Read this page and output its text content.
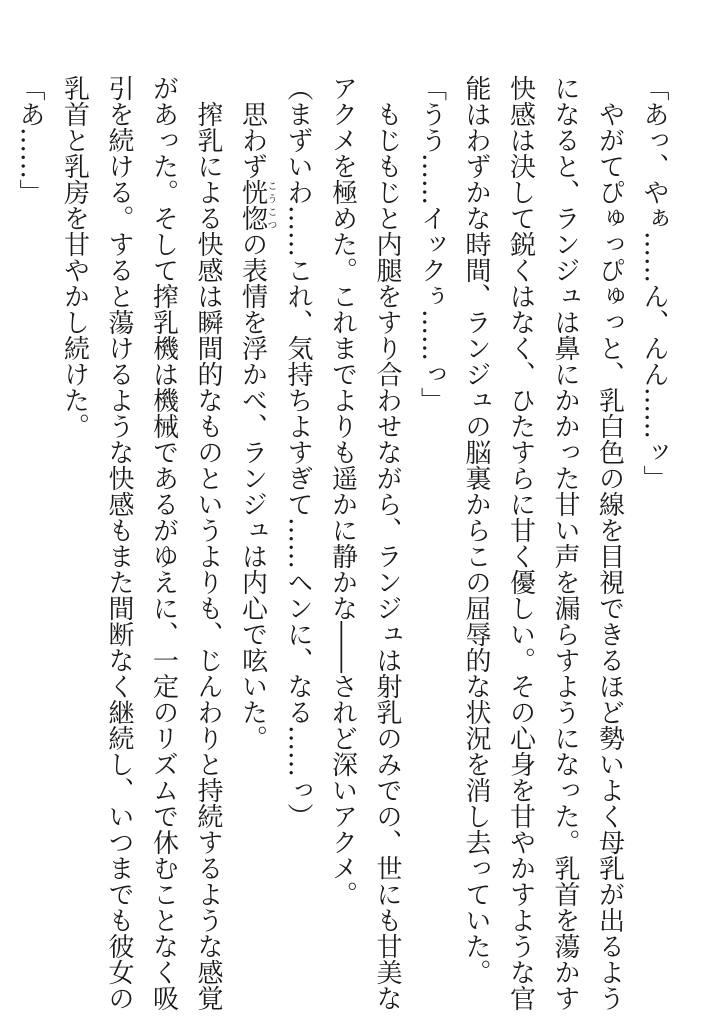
「あっ、やぁ……ん、んん……ッ」
　やがてぴゅっぴゅっと、乳白色の線を目視できるほど勢いよく母乳が出るよう
になると、ランジュは鼻にかかった甘い声を漏らすようになった。乳首を蕩かす
快感は決して鋭くはなく、ひたすらに甘く優しい。その心身を甘やかすような官
能はわずかな時間、ランジュの脳裏からこの屈辱的な状況を消し去っていた。
「うう……イックぅ……っ」
　もじもじと内腿をすり合わせながら、ランジュは射乳のみでの、世にも甘美な
アクメを極めた。これまでよりも遥かに静かな――されど深いアクメ。
（まずいわ……これ、気持ちよすぎて……ヘンに、なる……っ）
　思わず恍惚こうこつの表情を浮かべ、ランジュは内心で呟いた。
　搾乳による快感は瞬間的なものというよりも、じんわりと持続するような感覚
があった。そして搾乳機は機械であるがゆえに、一定のリズムで休むことなく吸
引を続ける。すると蕩けるような快感もまた間断なく継続し、いつまでも彼女の
乳首と乳房を甘やかし続けた。
「あ……」
